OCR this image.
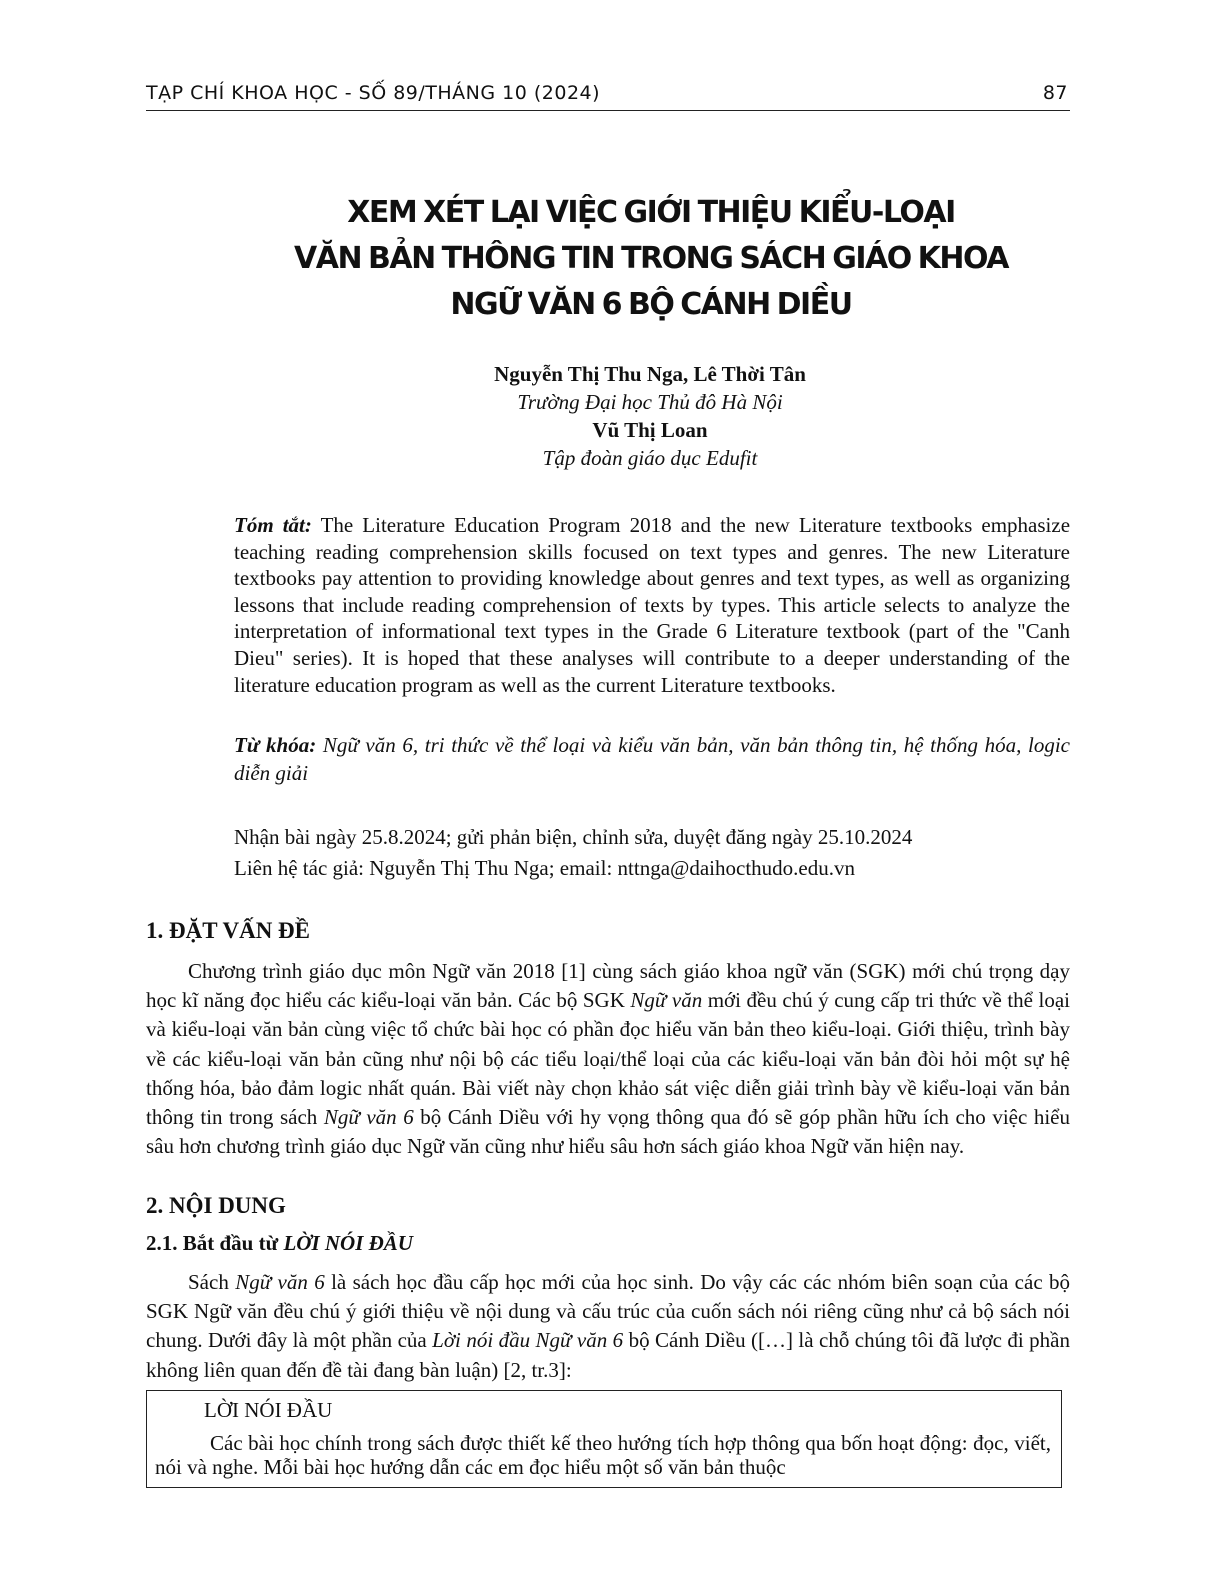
TẠP CHÍ KHOA HỌC - SỐ 89/THÁNG 10 (2024)	87
XEM XÉT LẠI VIỆC GIỚI THIỆU KIỂU-LOẠI
VĂN BẢN THÔNG TIN TRONG SÁCH GIÁO KHOA
NGỮ VĂN 6 BỘ CÁNH DIỀU
Nguyễn Thị Thu Nga, Lê Thời Tân
Trường Đại học Thủ đô Hà Nội
Vũ Thị Loan
Tập đoàn giáo dục Edufit

Tóm tắt: The Literature Education Program 2018 and the new Literature textbooks emphasize teaching reading comprehension skills focused on text types and genres. The new Literature textbooks pay attention to providing knowledge about genres and text types, as well as organizing lessons that include reading comprehension of texts by types. This article selects to analyze the interpretation of informational text types in the Grade 6 Literature textbook (part of the "Canh Dieu" series). It is hoped that these analyses will contribute to a deeper understanding of the literature education program as well as the current Literature textbooks.

Từ khóa: Ngữ văn 6, tri thức về thể loại và kiểu văn bản, văn bản thông tin, hệ thống hóa, logic diễn giải

Nhận bài ngày 25.8.2024; gửi phản biện, chỉnh sửa, duyệt đăng ngày 25.10.2024
Liên hệ tác giả: Nguyễn Thị Thu Nga; email: nttnga@daihocthudo.edu.vn
1. ĐẶT VẤN ĐỀ

Chương trình giáo dục môn Ngữ văn 2018 [1] cùng sách giáo khoa ngữ văn (SGK) mới chú trọng dạy học kĩ năng đọc hiểu các kiểu-loại văn bản. Các bộ SGK Ngữ văn mới đều chú ý cung cấp tri thức về thể loại và kiểu-loại văn bản cùng việc tổ chức bài học có phần đọc hiểu văn bản theo kiểu-loại. Giới thiệu, trình bày về các kiểu-loại văn bản cũng như nội bộ các tiểu loại/thể loại của các kiểu-loại văn bản đòi hỏi một sự hệ thống hóa, bảo đảm logic nhất quán. Bài viết này chọn khảo sát việc diễn giải trình bày về kiểu-loại văn bản thông tin trong sách Ngữ văn 6 bộ Cánh Diều với hy vọng thông qua đó sẽ góp phần hữu ích cho việc hiểu sâu hơn chương trình giáo dục Ngữ văn cũng như hiểu sâu hơn sách giáo khoa Ngữ văn hiện nay.

2. NỘI DUNG
2.1. Bắt đầu từ LỜI NÓI ĐẦU

Sách Ngữ văn 6 là sách học đầu cấp học mới của học sinh. Do vậy các các nhóm biên soạn của các bộ SGK Ngữ văn đều chú ý giới thiệu về nội dung và cấu trúc của cuốn sách nói riêng cũng như cả bộ sách nói chung. Dưới đây là một phần của Lời nói đầu Ngữ văn 6 bộ Cánh Diều ([…] là chỗ chúng tôi đã lược đi phần không liên quan đến đề tài đang bàn luận) [2, tr.3]:

LỜI NÓI ĐẦU

Các bài học chính trong sách được thiết kế theo hướng tích hợp thông qua bốn hoạt động: đọc, viết, nói và nghe. Mỗi bài học hướng dẫn các em đọc hiểu một số văn bản thuộc
